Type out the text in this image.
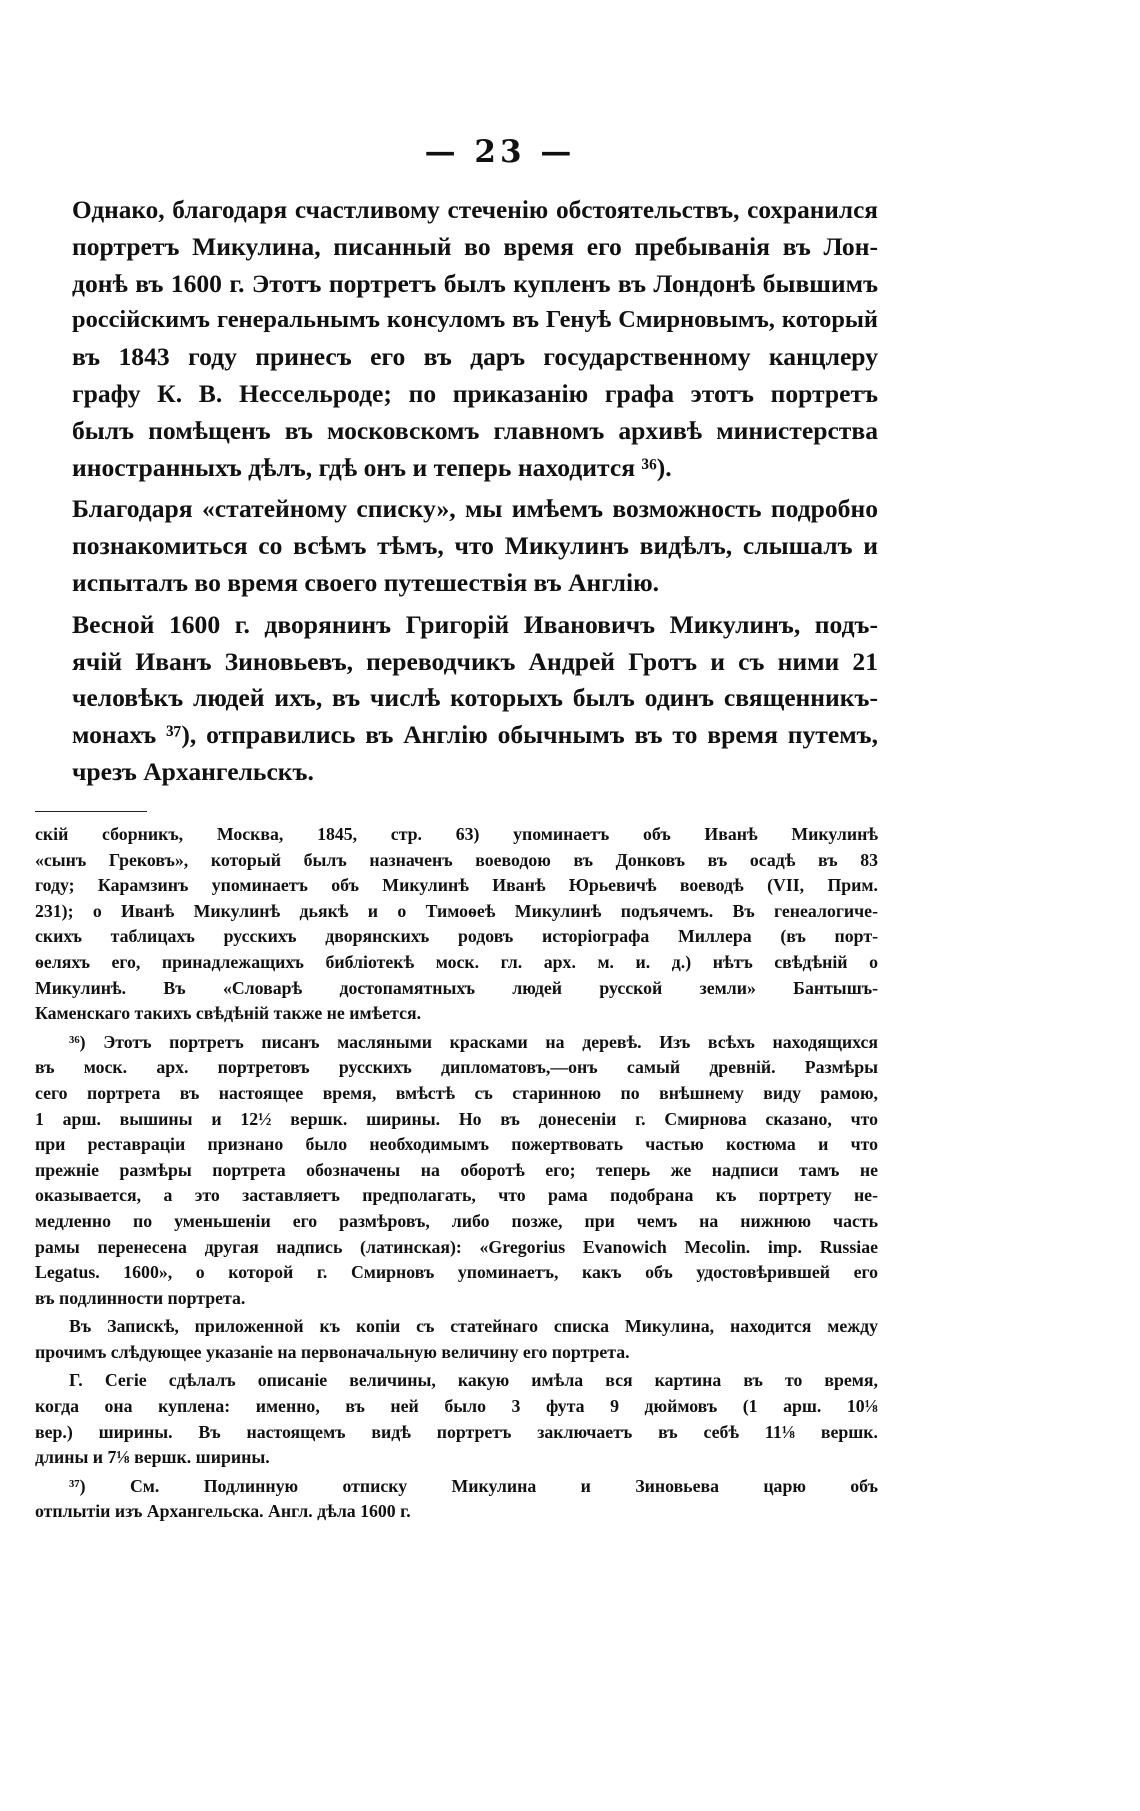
— 23 —
Однако, благодаря счастливому стеченію обстоятельствъ, сохранился
портретъ Микулина, писанный во время его пребыванія въ Лон-
донѣ въ 1600 г. Этотъ портретъ былъ купленъ въ Лондонѣ бывшимъ
россійскимъ генеральнымъ консуломъ въ Генуѣ Смирновымъ, который
въ 1843 году принесъ его въ даръ государственному канцлеру
графу К. В. Нессельроде; по приказанію графа этотъ портретъ
былъ помѣщенъ въ московскомъ главномъ архивѣ министерства
иностранныхъ дѣлъ, гдѣ онъ и теперь находится ³⁶).
Благодаря «статейному списку», мы имѣемъ возможность подробно
познакомиться со всѣмъ тѣмъ, что Микулинъ видѣлъ, слышалъ и
испыталъ во время своего путешествія въ Англію.
Весной 1600 г. дворянинъ Григорій Ивановичъ Микулинъ, подъ-
ячій Иванъ Зиновьевъ, переводчикъ Андрей Гротъ и съ ними 21
человѣкъ людей ихъ, въ числѣ которыхъ былъ одинъ священникъ-
монахъ ³⁷), отправились въ Англію обычнымъ въ то время путемъ,
чрезъ Архангельскъ.
скій сборникъ, Москва, 1845, стр. 63) упоминаетъ объ Иванѣ Микулинѣ
«сынъ Грековъ», который былъ назначенъ воеводою въ Донковъ въ осадѣ въ 83
году; Карамзинъ упоминаетъ объ Микулинѣ Иванѣ Юрьевичѣ воеводѣ (VII, Прим.
231); о Иванѣ Микулинѣ дьякѣ и о Тимоѳеѣ Микулинѣ подъячемъ. Въ генеалогиче-
скихъ таблицахъ русскихъ дворянскихъ родовъ исторіографа Миллера (въ порт-
ѳеляхъ его, принадлежащихъ библіотекѣ моск. гл. арх. м. и. д.) нѣтъ свѣдѣній о
Микулинѣ. Въ «Словарѣ достопамятныхъ людей русской земли» Бантышъ-
Каменскаго такихъ свѣдѣній также не имѣется.
³⁶) Этотъ портретъ писанъ масляными красками на деревѣ. Изъ всѣхъ находящихся
въ моск. арх. портретовъ русскихъ дипломатовъ,—онъ самый древній. Размѣры
сего портрета въ настоящее время, вмѣстѣ съ старинною по внѣшнему виду рамою,
1 арш. вышины и 12½ вершк. ширины. Но въ донесеніи г. Смирнова сказано, что
при реставраціи признано было необходимымъ пожертвовать частью костюма и что
прежніе размѣры портрета обозначены на оборотѣ его; теперь же надписи тамъ не
оказывается, а это заставляетъ предполагать, что рама подобрана къ портрету не-
медленно по уменьшеніи его размѣровъ, либо позже, при чемъ на нижнюю часть
рамы перенесена другая надпись (латинская): «Gregorius Evanowich Mecolin. imp. Russiae
Legatus. 1600», о которой г. Смирновъ упоминаетъ, какъ объ удостовѣрившей его
въ подлинности портрета.
Въ Запискѣ, приложенной къ копіи съ статейнаго списка Микулина, находится между
прочимъ слѣдующее указаніе на первоначальную величину его портрета.
Г. Сегіе сдѣлалъ описаніе величины, какую имѣла вся картина въ то время,
когда она куплена: именно, въ ней было 3 фута 9 дюймовъ (1 арш. 10⅛
вер.) ширины. Въ настоящемъ видѣ портретъ заключаетъ въ себѣ 11⅛ вершк.
длины и 7⅛ вершк. ширины.
³⁷) См. Подлинную отписку Микулина и Зиновьева царю объ
отплытіи изъ Архангельска. Англ. дѣла 1600 г.
